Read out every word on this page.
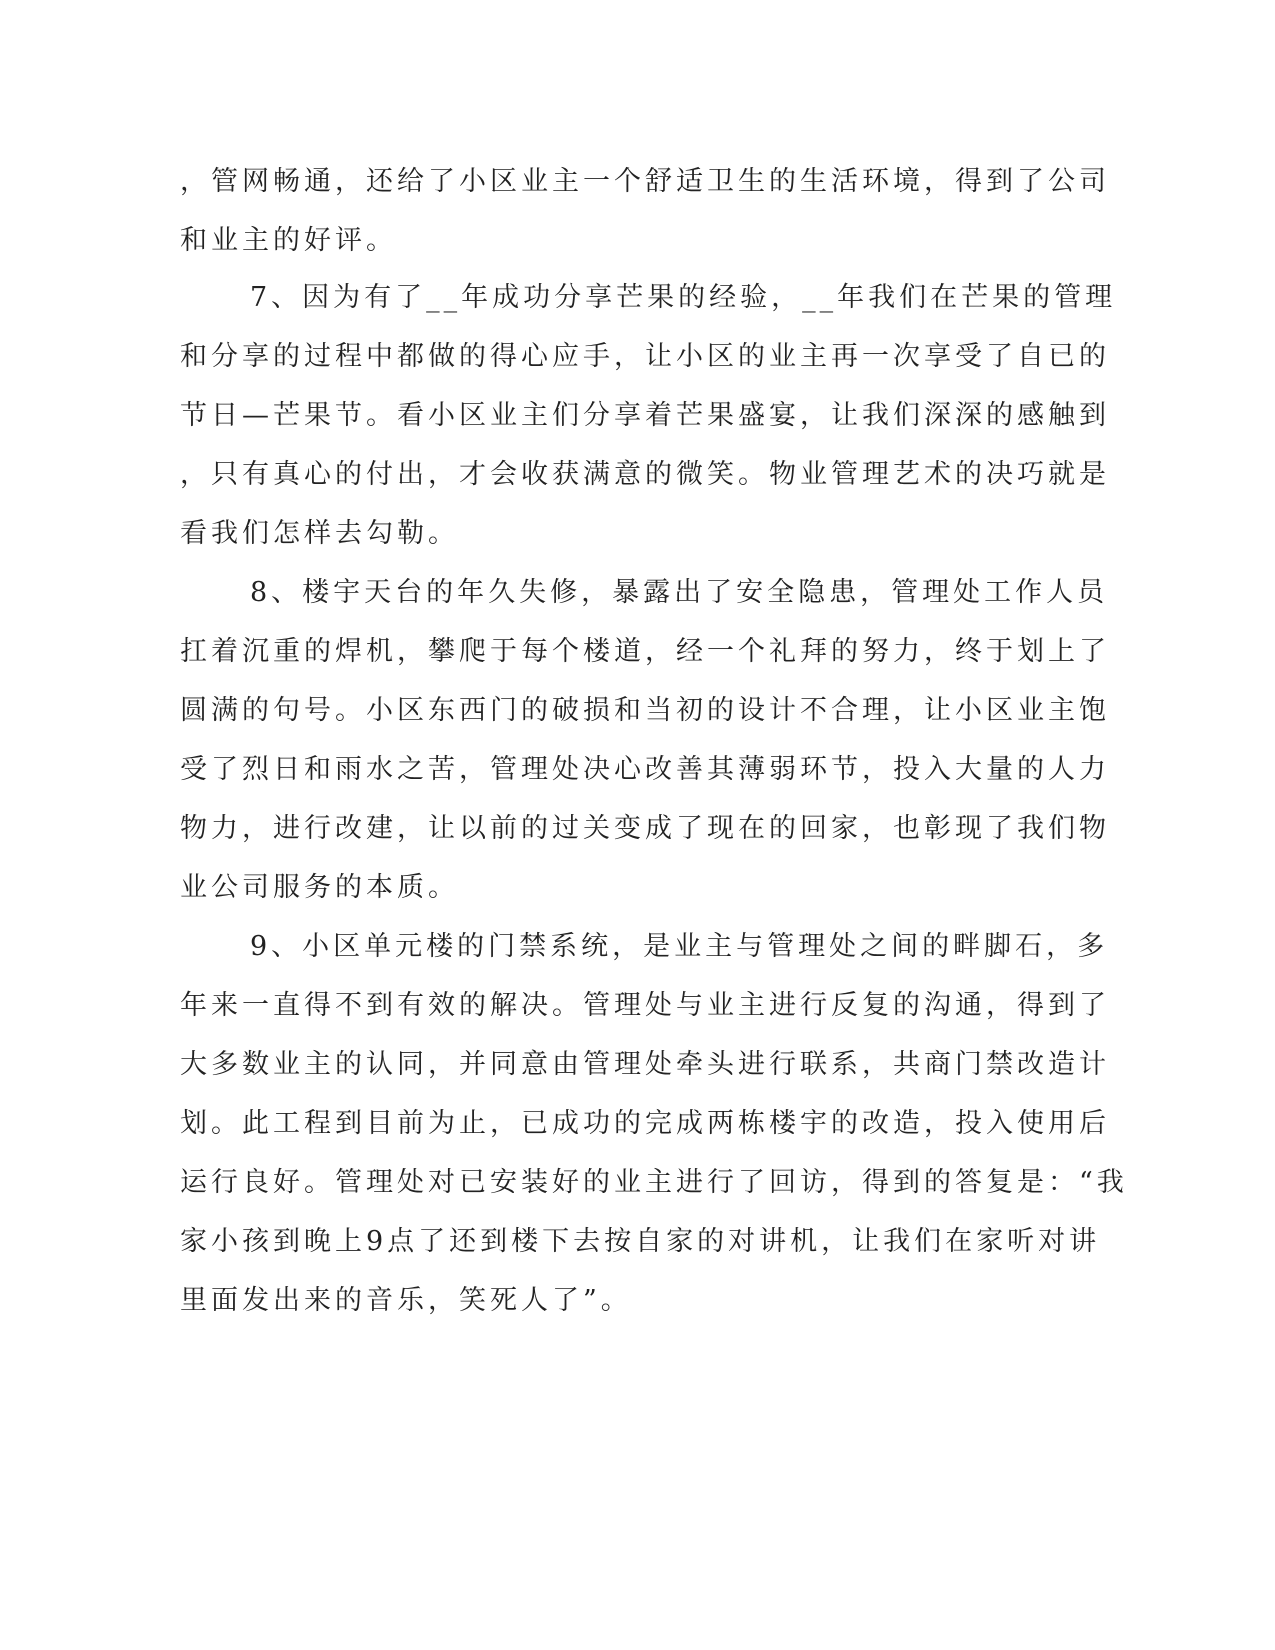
，管网畅通，还给了小区业主一个舒适卫生的生活环境，得到了公司
和业主的好评。
7、因为有了__年成功分享芒果的经验，__年我们在芒果的管理
和分享的过程中都做的得心应手，让小区的业主再一次享受了自已的
节日—芒果节。看小区业主们分享着芒果盛宴，让我们深深的感触到
，只有真心的付出，才会收获满意的微笑。物业管理艺术的决巧就是
看我们怎样去勾勒。
8、楼宇天台的年久失修，暴露出了安全隐患，管理处工作人员
扛着沉重的焊机，攀爬于每个楼道，经一个礼拜的努力，终于划上了
圆满的句号。小区东西门的破损和当初的设计不合理，让小区业主饱
受了烈日和雨水之苦，管理处决心改善其薄弱环节，投入大量的人力
物力，进行改建，让以前的过关变成了现在的回家，也彰现了我们物
业公司服务的本质。
9、小区单元楼的门禁系统，是业主与管理处之间的畔脚石，多
年来一直得不到有效的解决。管理处与业主进行反复的沟通，得到了
大多数业主的认同，并同意由管理处牵头进行联系，共商门禁改造计
划。此工程到目前为止，已成功的完成两栋楼宇的改造，投入使用后
运行良好。管理处对已安装好的业主进行了回访，得到的答复是：“我
家小孩到晚上9点了还到楼下去按自家的对讲机，让我们在家听对讲
里面发出来的音乐，笑死人了”。
